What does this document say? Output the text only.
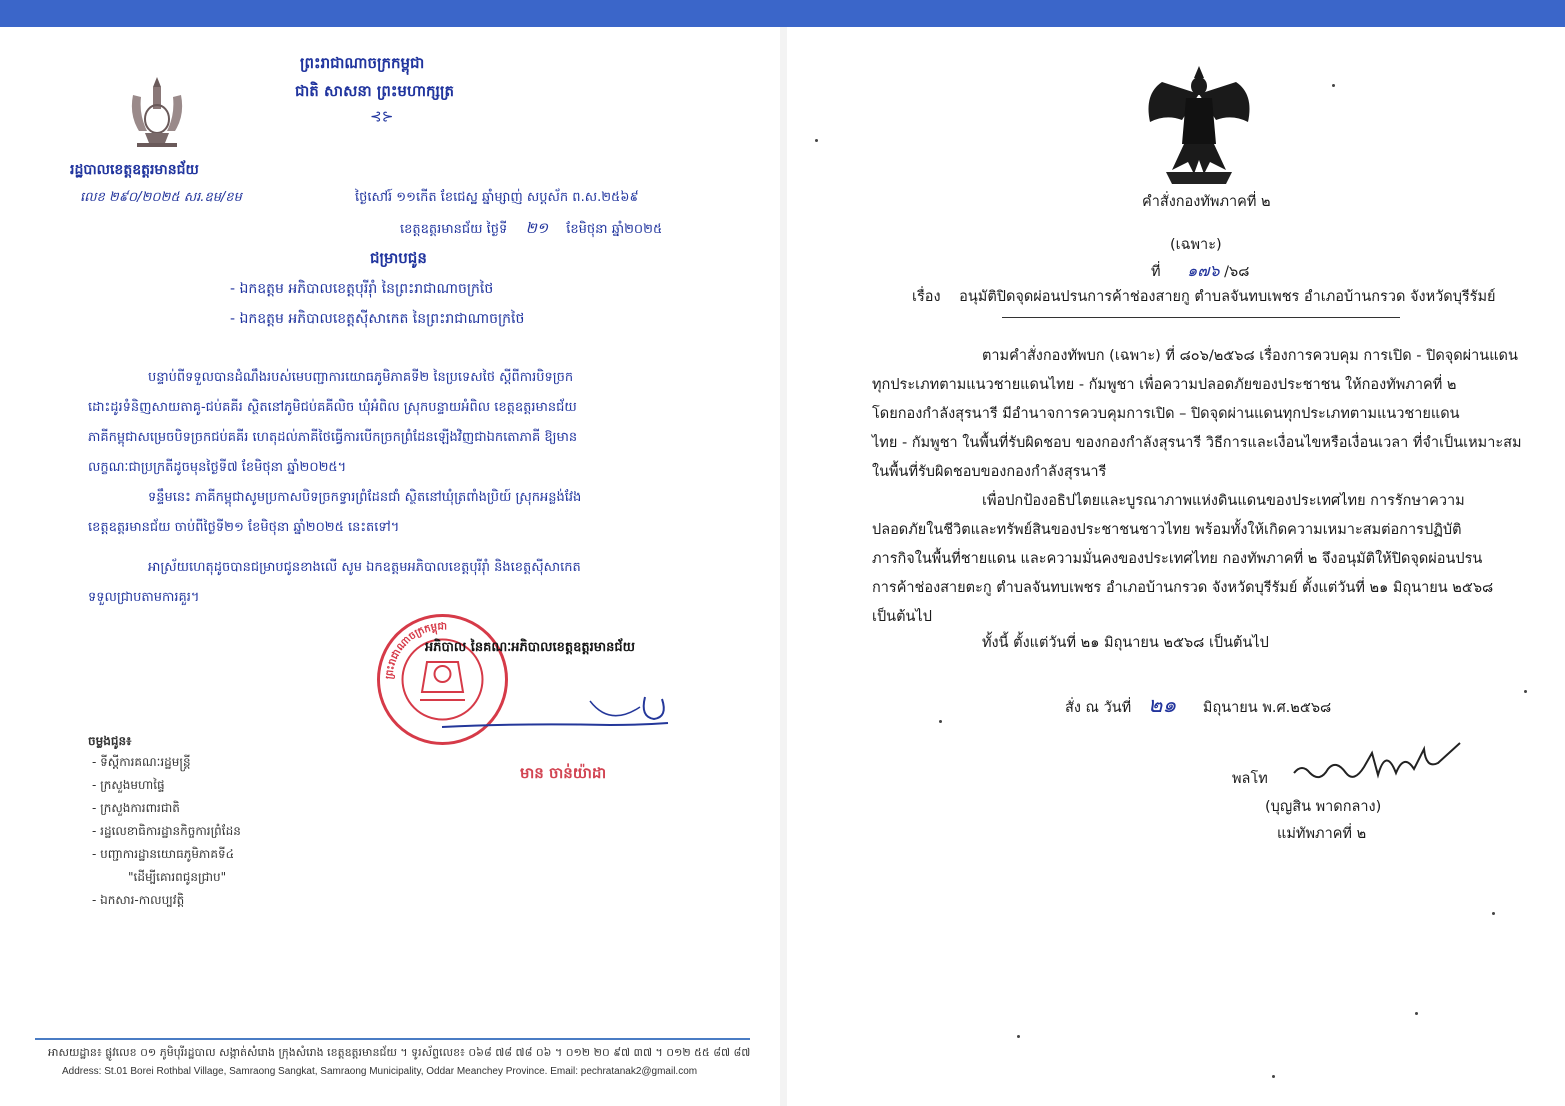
ព្រះរាជាណាចក្រកម្ពុជា
ជាតិ សាសនា ព្រះមហាក្សត្រ
⊰⊱
រដ្ឋបាលខេត្តឧត្តរមានជ័យ
លេខ ២៩០/២០២៥ សរ.ឧម/ខម	ថ្ងៃសៅរ៍ ១១កើត ខែជេស្ឋ ឆ្នាំម្សាញ់ សប្តស័ក ព.ស.២៥៦៩
ខេត្តឧត្តរមានជ័យ ថ្ងៃទី ២១ ខែមិថុនា ឆ្នាំ២០២៥
ជម្រាបជូន
- ឯកឧត្តម អភិបាលខេត្តបុរីរ៉ាំ នៃព្រះរាជាណាចក្រថៃ
- ឯកឧត្តម អភិបាលខេត្តស៊ីសាកេត នៃព្រះរាជាណាចក្រថៃ
បន្ទាប់ពីទទួលបានដំណឹងរបស់មេបញ្ជាការយោធភូមិភាគទី២ នៃប្រទេសថៃ ស្តីពីការបិទច្រក
ដោះដូរទំនិញសាយតាគូ-ជប់គគីរ ស្ថិតនៅភូមិជប់គគីលិច ឃុំអំពិល ស្រុកបន្ទាយអំពិល ខេត្តឧត្តរមានជ័យ
ភាគីកម្ពុជាសម្រេចបិទច្រកជប់គគីរ ហេតុដល់ភាគីថៃធ្វើការបើកច្រកព្រំដែនឡើងវិញជាឯកតោភាគី ឱ្យមាន
លក្ខណៈជាប្រក្រតីដូចមុនថ្ងៃទី៧ ខែមិថុនា ឆ្នាំ២០២៥។
ទន្ទឹមនេះ ភាគីកម្ពុជាសូមប្រកាសបិទច្រកទ្វារព្រំដែនជាំ ស្ថិតនៅឃុំត្រពាំងប្រិយ៍ ស្រុកអន្លង់វែង
ខេត្តឧត្តរមានជ័យ ចាប់ពីថ្ងៃទី២១ ខែមិថុនា ឆ្នាំ២០២៥ នេះតទៅ។
អាស្រ័យហេតុដូចបានជម្រាបជូនខាងលើ សូម ឯកឧត្តមអភិបាលខេត្តបុរីរ៉ាំ និងខេត្តស៊ីសាកេត
ទទួលជ្រាបតាមការគួរ។
ព្រះរាជាណាចក្រកម្ពុជា
អភិបាល នៃគណៈអភិបាលខេត្តឧត្តរមានជ័យ
មាន ចាន់យ៉ាដា
ចម្លងជូន៖
- ទីស្តីការគណៈរដ្ឋមន្ត្រី
- ក្រសួងមហាផ្ទៃ
- ក្រសួងការពារជាតិ
- រដ្ឋលេខាធិការដ្ឋានកិច្ចការព្រំដែន
- បញ្ជាការដ្ឋានយោធភូមិភាគទី៤
"ដើម្បីគោរពជូនជ្រាប"
- ឯកសារ-កាលប្បវត្តិ
អាសយដ្ឋាន៖ ផ្លូវលេខ ០១ ភូមិបុរីរដ្ឋបាល សង្កាត់សំរោង ក្រុងសំរោង ខេត្តឧត្តរមានជ័យ ។ ទូរស័ព្ទលេខ៖ ០៦៨ ៧៨ ៧៨ ០៦ ។ ០១២ ២០ ៩៧ ៣៧ ។ ០១២ ៥៥ ៨៧ ៨៧
Address: St.01 Borei Rothbal Village, Samraong Sangkat, Samraong Municipality, Oddar Meanchey Province. Email: pechratanak2@gmail.com
คำสั่งกองทัพภาคที่ ๒
(เฉพาะ)
ที่ ๑๗๖ /๖๘
เรื่อง อนุมัติปิดจุดผ่อนปรนการค้าช่องสายกู ตำบลจันทบเพชร อำเภอบ้านกรวด จังหวัดบุรีรัมย์
ตามคำสั่งกองทัพบก (เฉพาะ) ที่ ๘๐๖/๒๕๖๘ เรื่องการควบคุม การเปิด - ปิดจุดผ่านแดน
ทุกประเภทตามแนวชายแดนไทย - กัมพูชา เพื่อความปลอดภัยของประชาชน ให้กองทัพภาคที่ ๒
โดยกองกำลังสุรนารี มีอำนาจการควบคุมการเปิด – ปิดจุดผ่านแดนทุกประเภทตามแนวชายแดน
ไทย - กัมพูชา ในพื้นที่รับผิดชอบ ของกองกำลังสุรนารี วิธีการและเงื่อนไขหรือเงื่อนเวลา ที่จำเป็นเหมาะสม
ในพื้นที่รับผิดชอบของกองกำลังสุรนารี
เพื่อปกป้องอธิปไตยและบูรณาภาพแห่งดินแดนของประเทศไทย การรักษาความ
ปลอดภัยในชีวิตและทรัพย์สินของประชาชนชาวไทย พร้อมทั้งให้เกิดความเหมาะสมต่อการปฏิบัติ
ภารกิจในพื้นที่ชายแดน และความมั่นคงของประเทศไทย กองทัพภาคที่ ๒ จึงอนุมัติให้ปิดจุดผ่อนปรน
การค้าช่องสายตะกู ตำบลจันทบเพชร อำเภอบ้านกรวด จังหวัดบุรีรัมย์ ตั้งแต่วันที่ ๒๑ มิถุนายน ๒๕๖๘
เป็นต้นไป
ทั้งนี้ ตั้งแต่วันที่ ๒๑ มิถุนายน ๒๕๖๘ เป็นต้นไป
สั่ง ณ วันที่ ๒๑ มิถุนายน พ.ศ.๒๕๖๘
พลโท
(บุญสิน พาดกลาง)
แม่ทัพภาคที่ ๒
